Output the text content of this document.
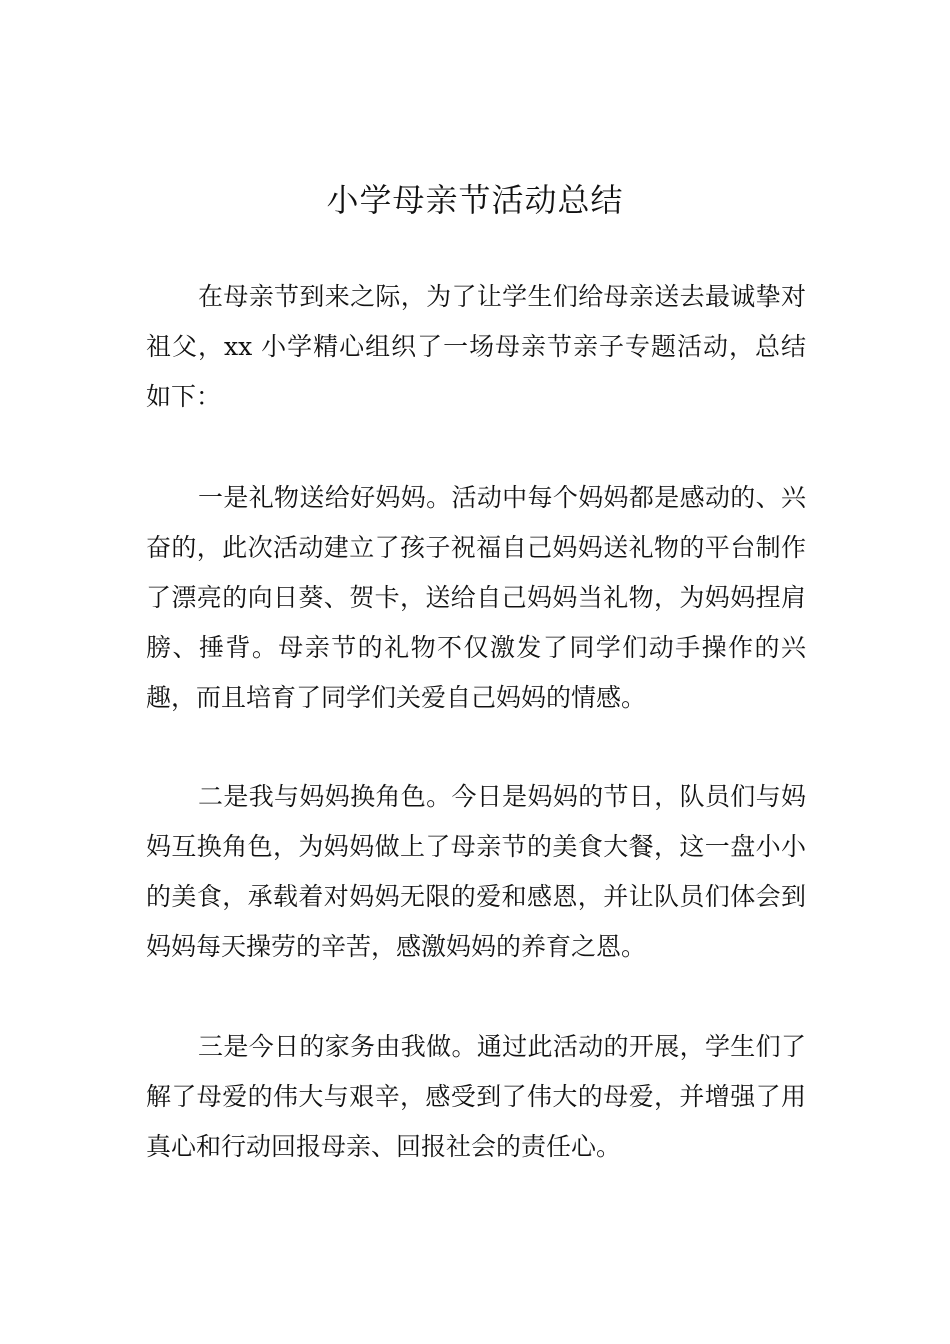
小学母亲节活动总结

在母亲节到来之际，为了让学生们给母亲送去最诚挚对祖父，xx 小学精心组织了一场母亲节亲子专题活动，总结如下：

一是礼物送给好妈妈。活动中每个妈妈都是感动的、兴奋的，此次活动建立了孩子祝福自己妈妈送礼物的平台制作了漂亮的向日葵、贺卡，送给自己妈妈当礼物，为妈妈捏肩膀、捶背。母亲节的礼物不仅激发了同学们动手操作的兴趣，而且培育了同学们关爱自己妈妈的情感。

二是我与妈妈换角色。今日是妈妈的节日，队员们与妈妈互换角色，为妈妈做上了母亲节的美食大餐，这一盘小小的美食，承载着对妈妈无限的爱和感恩，并让队员们体会到妈妈每天操劳的辛苦，感激妈妈的养育之恩。

三是今日的家务由我做。通过此活动的开展，学生们了解了母爱的伟大与艰辛，感受到了伟大的母爱，并增强了用真心和行动回报母亲、回报社会的责任心。
